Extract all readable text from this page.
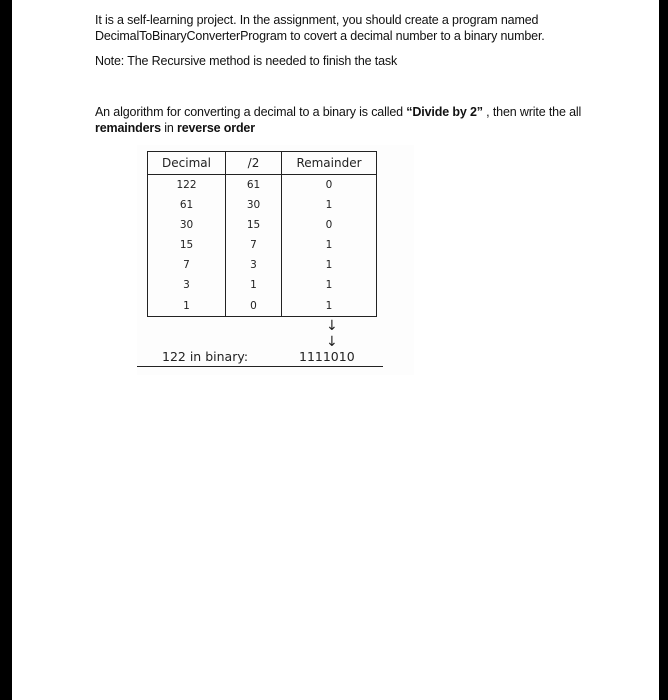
It is a self-learning project. In the assignment, you should create a program named DecimalToBinaryConverterProgram to covert a decimal number to a binary number.
Note: The Recursive method is needed to finish the task
An algorithm for converting a decimal to a binary is called “Divide by 2” , then write the all remainders in reverse order
Decimal	/2	Remainder
122	61	0
61	30	1
30	15	0
15	7	1
7	3	1
3	1	1
1	0	1
↓
↓
122 in binary:	1111010
